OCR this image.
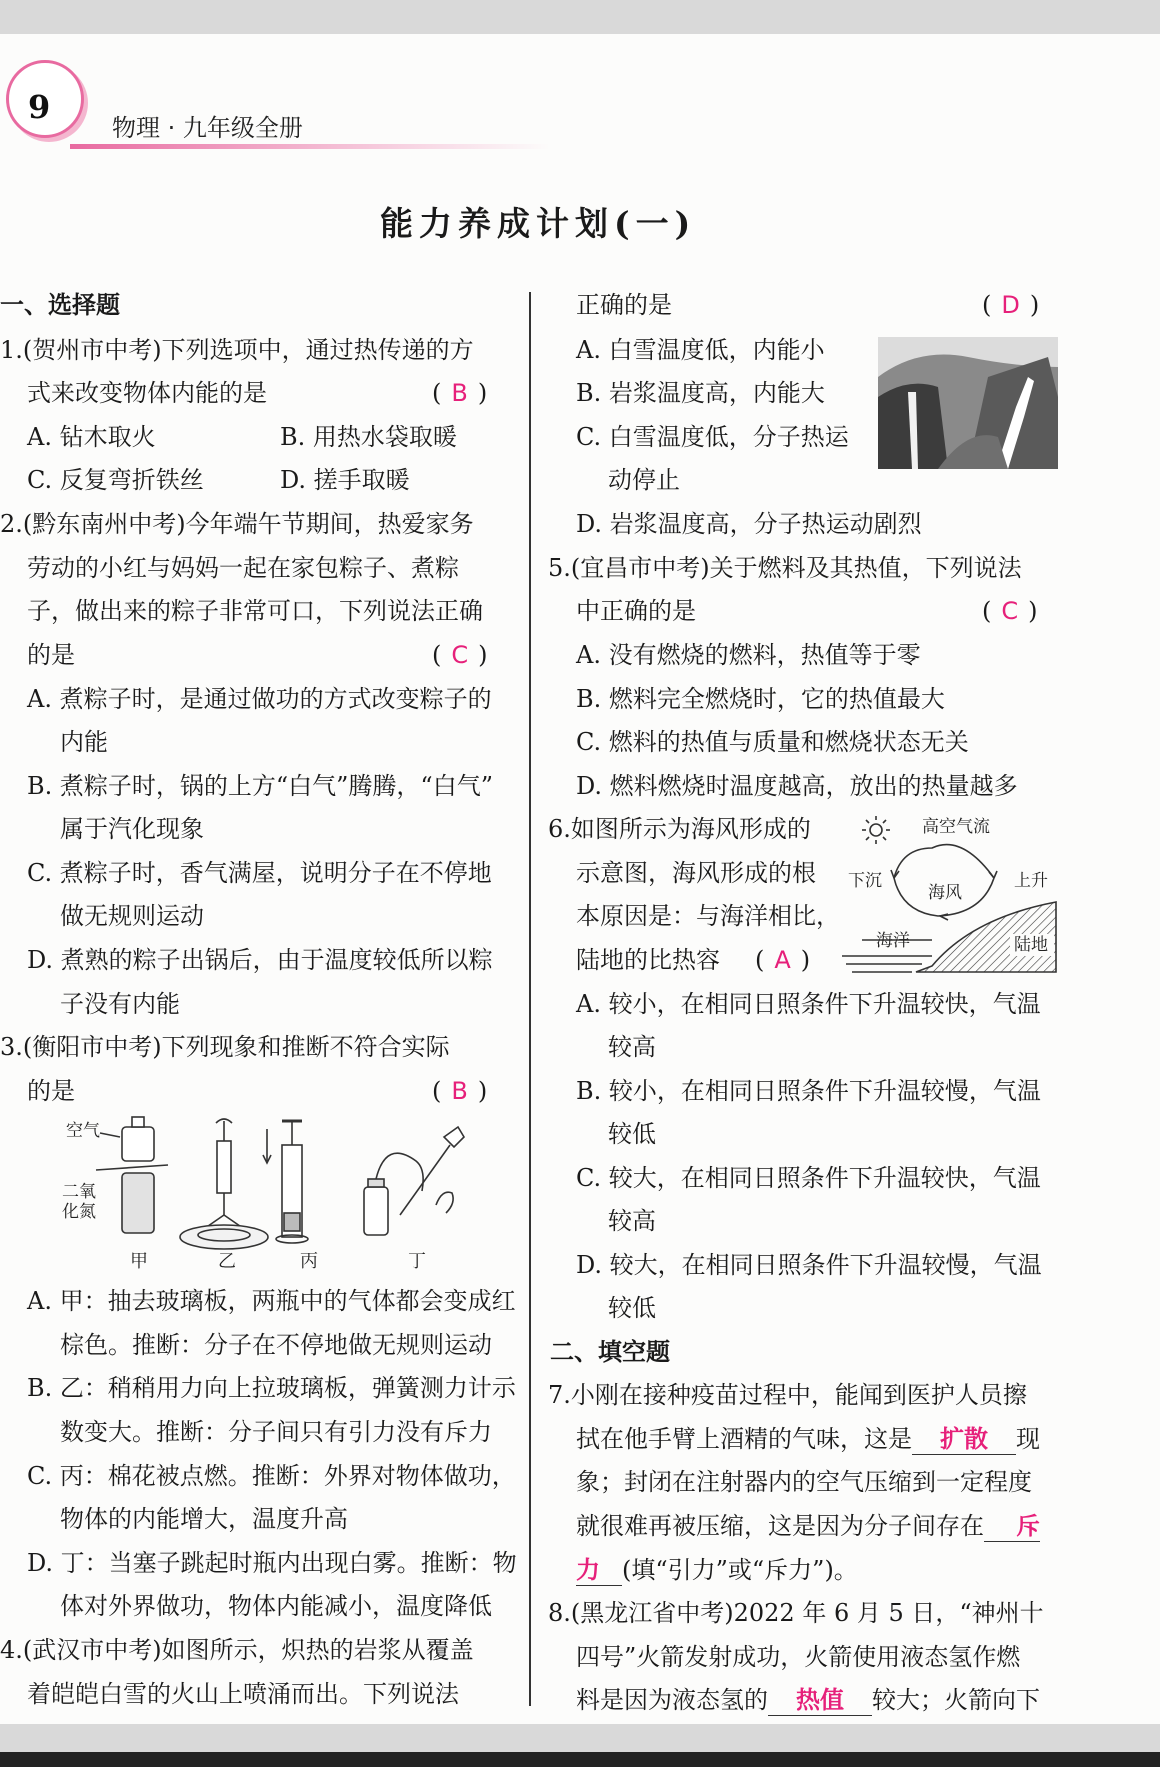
9
物理 · 九年级全册
能力养成计划(一)
一、选择题
1.(贺州市中考)下列选项中，通过热传递的方
式来改变物体内能的是	( B )
A. 钻木取火	B. 用热水袋取暖
C. 反复弯折铁丝	D. 搓手取暖
2.(黔东南州中考)今年端午节期间，热爱家务
劳动的小红与妈妈一起在家包粽子、煮粽
子，做出来的粽子非常可口，下列说法正确
的是	( C )
A. 煮粽子时，是通过做功的方式改变粽子的
内能
B. 煮粽子时，锅的上方“白气”腾腾，“白气”
属于汽化现象
C. 煮粽子时，香气满屋，说明分子在不停地
做无规则运动
D. 煮熟的粽子出锅后，由于温度较低所以粽
子没有内能
3.(衡阳市中考)下列现象和推断不符合实际
的是	( B )
空气
二氧
化氮
甲	乙	丙	丁
A. 甲：抽去玻璃板，两瓶中的气体都会变成红
棕色。推断：分子在不停地做无规则运动
B. 乙：稍稍用力向上拉玻璃板，弹簧测力计示
数变大。推断：分子间只有引力没有斥力
C. 丙：棉花被点燃。推断：外界对物体做功，
物体的内能增大，温度升高
D. 丁：当塞子跳起时瓶内出现白雾。推断：物
体对外界做功，物体内能减小，温度降低
4.(武汉市中考)如图所示，炽热的岩浆从覆盖
着皑皑白雪的火山上喷涌而出。下列说法
正确的是	( D )
A. 白雪温度低，内能小
B. 岩浆温度高，内能大
C. 白雪温度低，分子热运
动停止
D. 岩浆温度高，分子热运动剧烈
5.(宜昌市中考)关于燃料及其热值，下列说法
中正确的是	( C )
A. 没有燃烧的燃料，热值等于零
B. 燃料完全燃烧时，它的热值最大
C. 燃料的热值与质量和燃烧状态无关
D. 燃料燃烧时温度越高，放出的热量越多
6.如图所示为海风形成的
示意图，海风形成的根
本原因是：与海洋相比，
陆地的比热容 ( A )
高空气流
下沉	上升
海风
海洋	陆地
A. 较小，在相同日照条件下升温较快，气温
较高
B. 较小，在相同日照条件下升温较慢，气温
较低
C. 较大，在相同日照条件下升温较快，气温
较高
D. 较大，在相同日照条件下升温较慢，气温
较低
二、填空题
7.小刚在接种疫苗过程中，能闻到医护人员擦
拭在他手臂上酒精的气味，这是 扩散 现
象；封闭在注射器内的空气压缩到一定程度
就很难再被压缩，这是因为分子间存在 斥
力 (填“引力”或“斥力”)。
8.(黑龙江省中考)2022 年 6 月 5 日，“神州十
四号”火箭发射成功，火箭使用液态氢作燃
料是因为液态氢的 热值 较大；火箭向下
